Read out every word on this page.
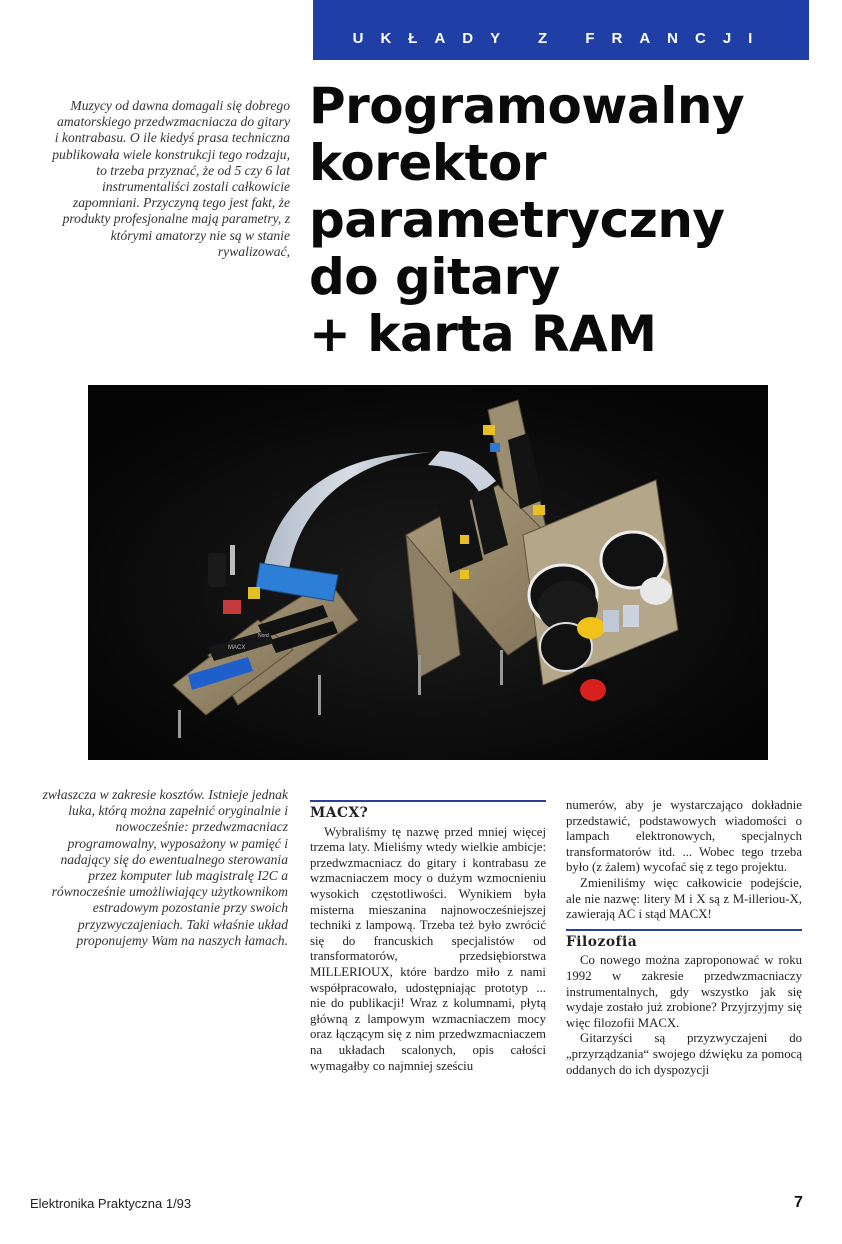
UKŁADY Z FRANCJI
Programowalny
korektor
parametryczny
do gitary
+ karta RAM

Muzycy od dawna domagali się dobrego amatorskiego przedwzmacniacza do gitary i kontrabasu. O ile kiedyś prasa techniczna publikowała wiele konstrukcji tego rodzaju, to trzeba przyznać, że od 5 czy 6 lat instrumentaliści zostali całkowicie zapomniani. Przyczyną tego jest fakt, że produkty profesjonalne mają parametry, z którymi amatorzy nie są w stanie rywalizować,

MACX
Nord

zwłaszcza w zakresie kosztów. Istnieje jednak luka, którą można zapełnić oryginalnie i nowocześnie: przedwzmacniacz programowalny, wyposażony w pamięć i nadający się do ewentualnego sterowania przez komputer lub magistralę I2C a równocześnie umożliwiający użytkownikom estradowym pozostanie przy swoich przyzwyczajeniach. Taki właśnie układ proponujemy Wam na naszych łamach.

MACX?

Wybraliśmy tę nazwę przed mniej więcej trzema laty. Mieliśmy wtedy wielkie ambicje: przedwzmacniacz do gitary i kontrabasu ze wzmacniaczem mocy o dużym wzmocnieniu wysokich częstotliwości. Wynikiem była misterna mieszanina najnowocześniejszej techniki z lampową. Trzeba też było zwrócić się do francuskich specjalistów od transformatorów, przedsiębiorstwa MILLERIOUX, które bardzo miło z nami współpracowało, udostępniając prototyp ... nie do publikacji! Wraz z kolumnami, płytą główną z lampowym wzmacniaczem mocy oraz łączącym się z nim przedwzmacniaczem na układach scalonych, opis całości wymagałby co najmniej sześciu

numerów, aby je wystarczająco dokładnie przedstawić, podstawowych wiadomości o lampach elektronowych, specjalnych transformatorów itd. ... Wobec tego trzeba było (z żalem) wycofać się z tego projektu.

Zmieniliśmy więc całkowicie podejście, ale nie nazwę: litery M i X są z M-illeriou-X, zawierają AC i stąd MACX!

Filozofia

Co nowego można zaproponować w roku 1992 w zakresie przedwzmacniaczy instrumentalnych, gdy wszystko jak się wydaje zostało już zrobione? Przyjrzyjmy się więc filozofii MACX.

Gitarzyści są przyzwyczajeni do „przyrządzania“ swojego dźwięku za pomocą oddanych do ich dyspozycji

Elektronika Praktyczna 1/93	7
